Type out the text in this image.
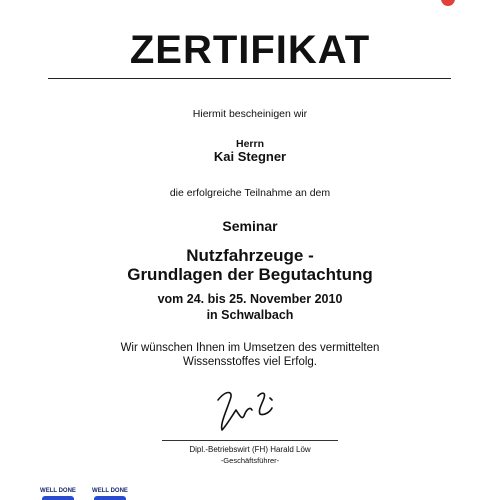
ZERTIFIKAT
Hiermit bescheinigen wir
Herrn
Kai Stegner
die erfolgreiche Teilnahme an dem
Seminar
Nutzfahrzeuge -
Grundlagen der Begutachtung
vom 24. bis 25. November 2010
in Schwalbach
Wir wünschen Ihnen im Umsetzen des vermittelten
Wissensstoffes viel Erfolg.
Dipl.-Betriebswirt (FH) Harald Löw
-Geschäftsführer-
WELL DONE	WELL DONE
